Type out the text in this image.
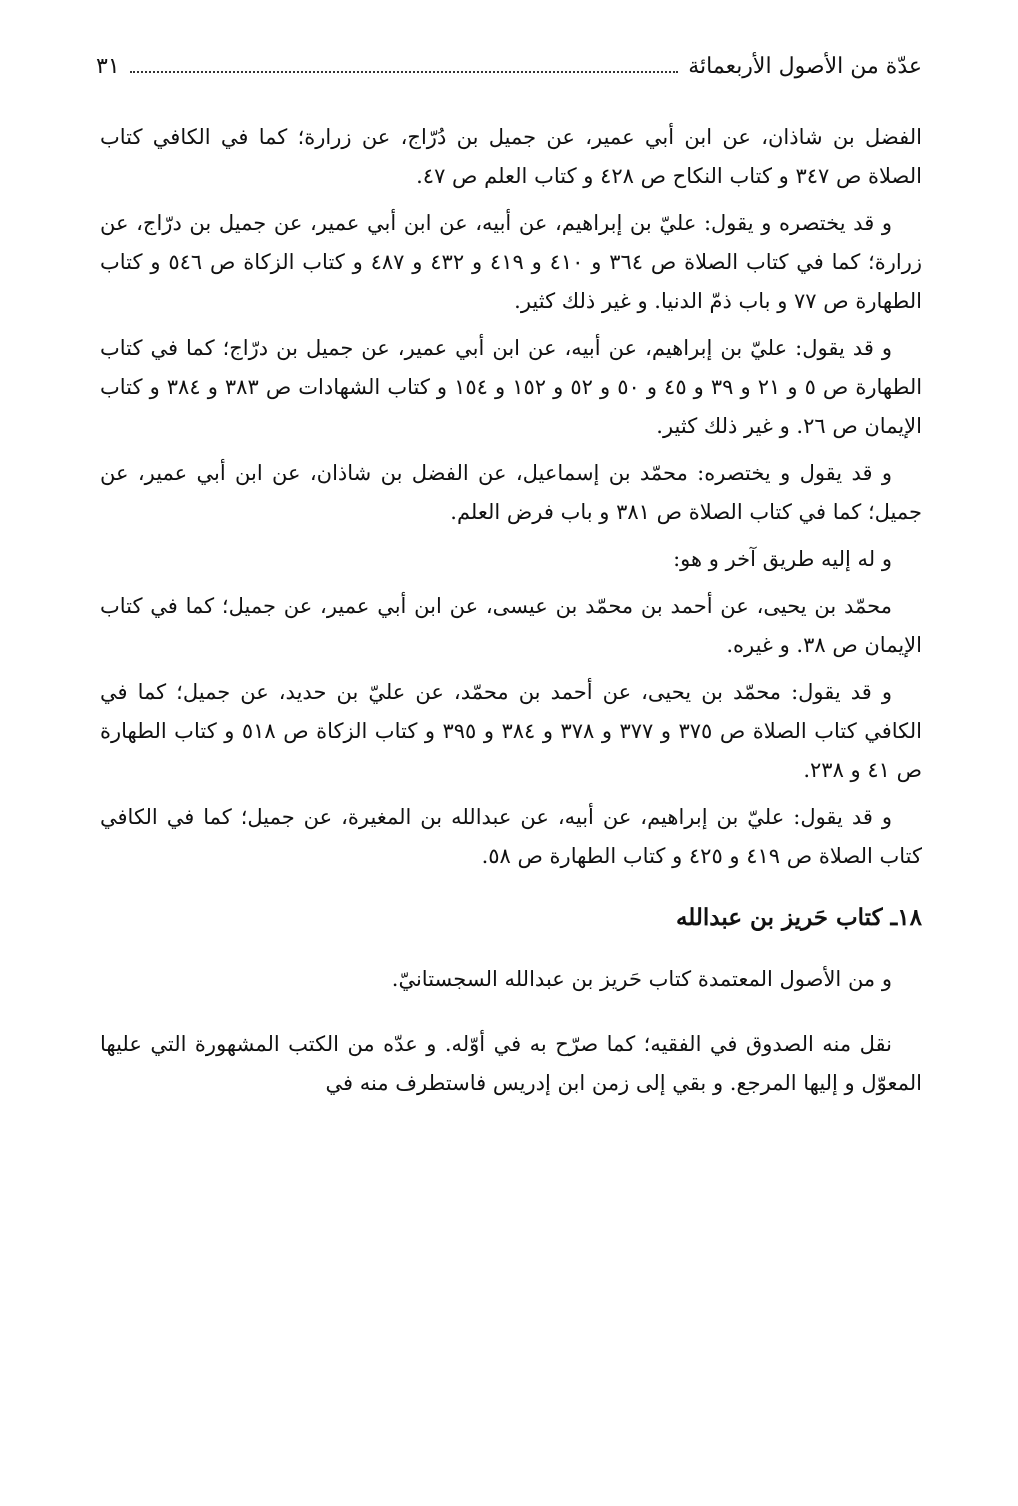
عدّة من الأصول الأربعمائة
٣١

الفضل بن شاذان، عن ابن أبي عمير، عن جميل بن دُرّاج، عن زرارة؛ كما في الكافي كتاب الصلاة ص ٣٤٧ و كتاب النكاح ص ٤٢٨ و كتاب العلم ص ٤٧.

و قد يختصره و يقول: عليّ بن إبراهيم، عن أبيه، عن ابن أبي عمير، عن جميل بن درّاج، عن زرارة؛ كما في كتاب الصلاة ص ٣٦٤ و ٤١٠ و ٤١٩ و ٤٣٢ و ٤٨٧ و كتاب الزكاة ص ٥٤٦ و كتاب الطهارة ص ٧٧ و باب ذمّ الدنيا. و غير ذلك كثير.

و قد يقول: عليّ بن إبراهيم، عن أبيه، عن ابن أبي عمير، عن جميل بن درّاج؛ كما في كتاب الطهارة ص ٥ و ٢١ و ٣٩ و ٤٥ و ٥٠ و ٥٢ و ١٥٢ و ١٥٤ و كتاب الشهادات ص ٣٨٣ و ٣٨٤ و كتاب الإيمان ص ٢٦. و غير ذلك كثير.

و قد يقول و يختصره: محمّد بن إسماعيل، عن الفضل بن شاذان، عن ابن أبي عمير، عن جميل؛ كما في كتاب الصلاة ص ٣٨١ و باب فرض العلم.

و له إليه طريق آخر و هو:

محمّد بن يحيى، عن أحمد بن محمّد بن عيسى، عن ابن أبي عمير، عن جميل؛ كما في كتاب الإيمان ص ٣٨. و غيره.

و قد يقول: محمّد بن يحيى، عن أحمد بن محمّد، عن عليّ بن حديد، عن جميل؛ كما في الكافي كتاب الصلاة ص ٣٧٥ و ٣٧٧ و ٣٧٨ و ٣٨٤ و ٣٩٥ و كتاب الزكاة ص ٥١٨ و كتاب الطهارة ص ٤١ و ٢٣٨.

و قد يقول: عليّ بن إبراهيم، عن أبيه، عن عبدالله بن المغيرة، عن جميل؛ كما في الكافي كتاب الصلاة ص ٤١٩ و ٤٢٥ و كتاب الطهارة ص ٥٨.

١٨ـ كتاب حَريز بن عبدالله

و من الأصول المعتمدة كتاب حَريز بن عبدالله السجستانيّ.

نقل منه الصدوق في الفقيه؛ كما صرّح به في أوّله. و عدّه من الكتب المشهورة التي عليها المعوّل و إليها المرجع. و بقي إلى زمن ابن إدريس فاستطرف منه في
